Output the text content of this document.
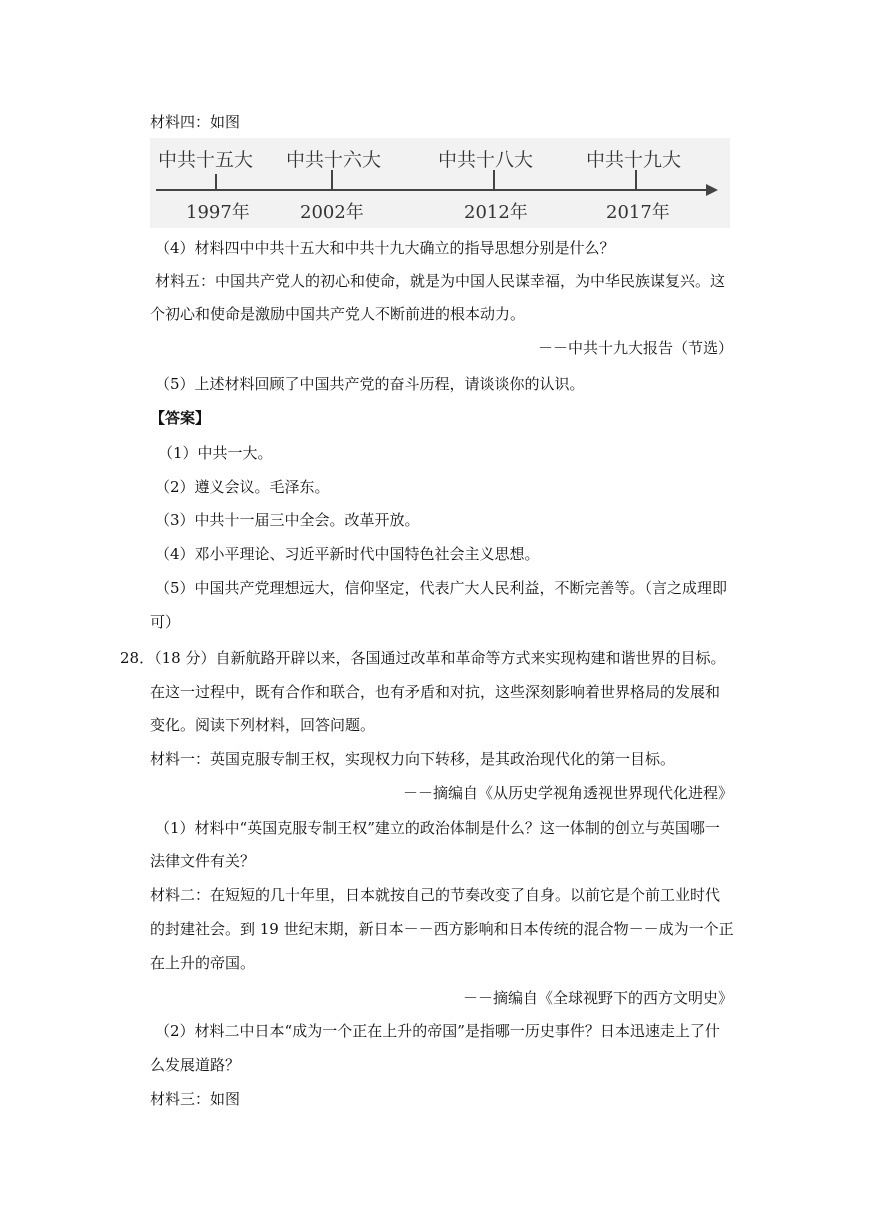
材料四：如图
中共十五大 中共十六大	中共十八大	中共十九大
1997年	2002年	2012年	2017年
（4）材料四中中共十五大和中共十九大确立的指导思想分别是什么？
材料五：中国共产党人的初心和使命，就是为中国人民谋幸福，为中华民族谋复兴。这
个初心和使命是激励中国共产党人不断前进的根本动力。
－－中共十九大报告（节选）
（5）上述材料回顾了中国共产党的奋斗历程，请谈谈你的认识。
【答案】
（1）中共一大。
（2）遵义会议。毛泽东。
（3）中共十一届三中全会。改革开放。
（4）邓小平理论、习近平新时代中国特色社会主义思想。
（5）中国共产党理想远大，信仰坚定，代表广大人民利益，不断完善等。（言之成理即
可）
28．（18 分）自新航路开辟以来，各国通过改革和革命等方式来实现构建和谐世界的目标。
在这一过程中，既有合作和联合，也有矛盾和对抗，这些深刻影响着世界格局的发展和
变化。阅读下列材料，回答问题。
材料一：英国克服专制王权，实现权力向下转移，是其政治现代化的第一目标。
－－摘编自《从历史学视角透视世界现代化进程》
（1）材料中“英国克服专制王权”建立的政治体制是什么？这一体制的创立与英国哪一
法律文件有关？
材料二：在短短的几十年里，日本就按自己的节奏改变了自身。以前它是个前工业时代
的封建社会。到 19 世纪末期，新日本－－西方影响和日本传统的混合物－－成为一个正
在上升的帝国。
－－摘编自《全球视野下的西方文明史》
（2）材料二中日本“成为一个正在上升的帝国”是指哪一历史事件？日本迅速走上了什
么发展道路？
材料三：如图
